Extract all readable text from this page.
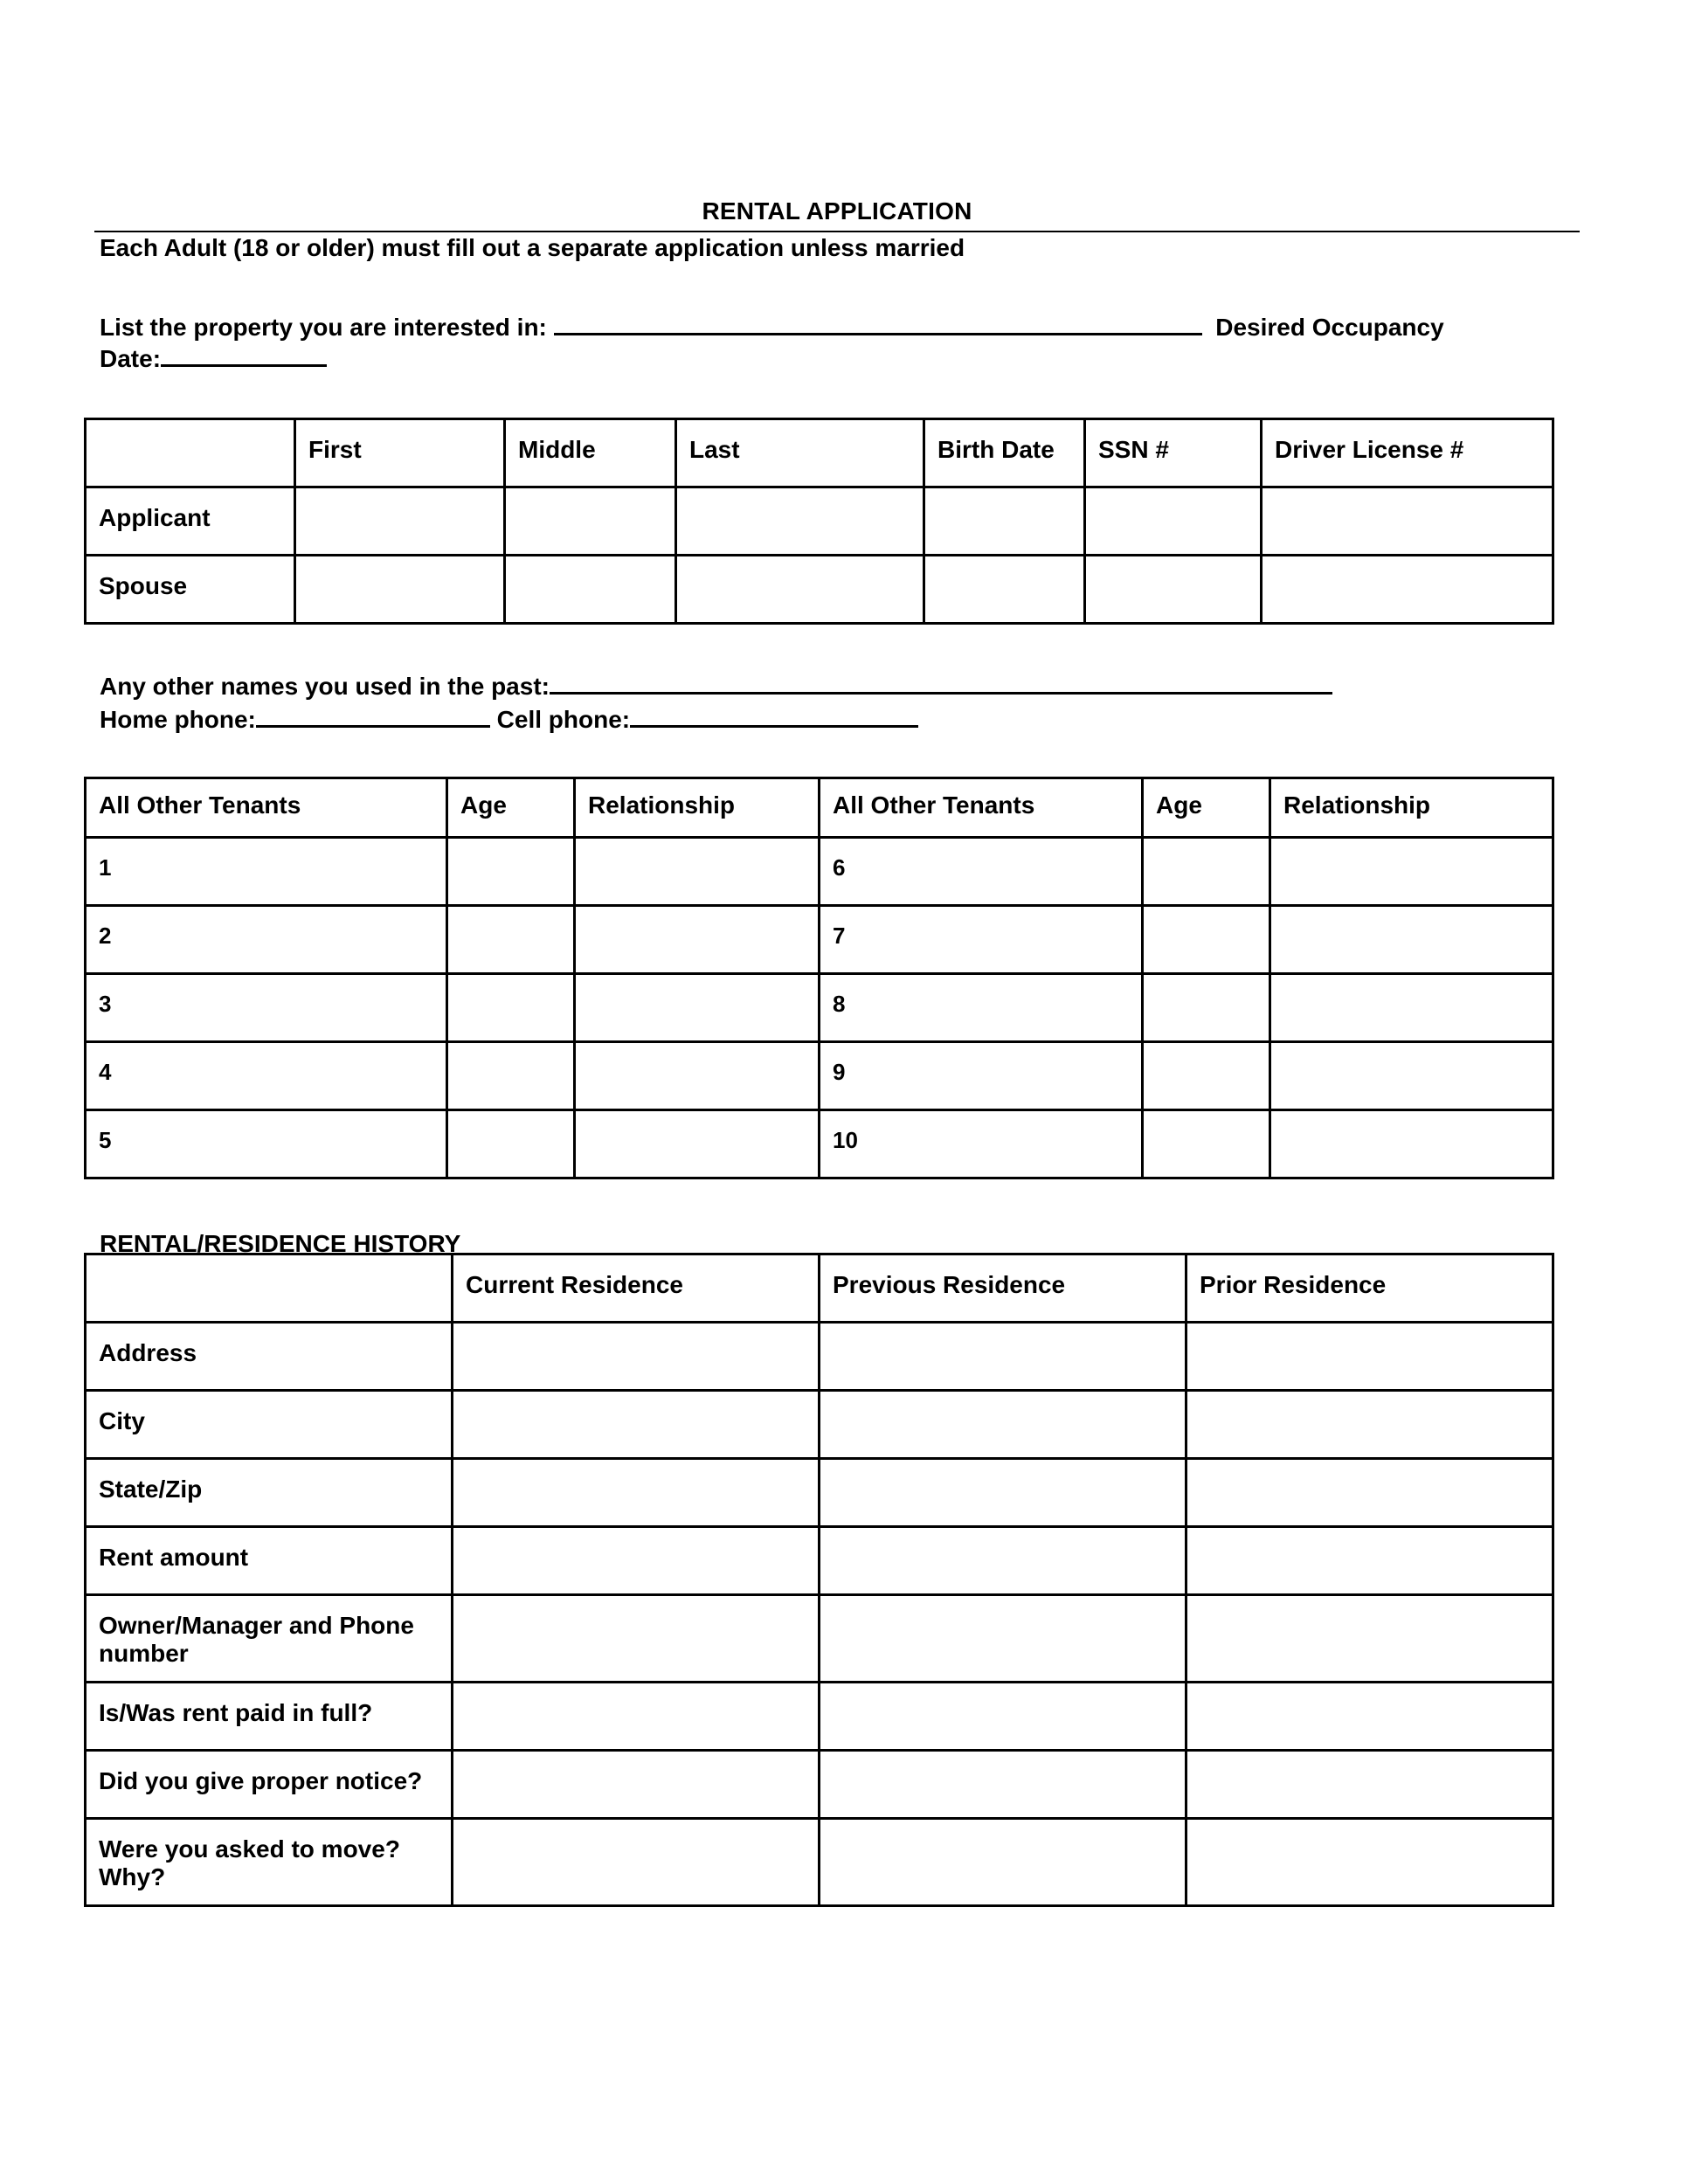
RENTAL APPLICATION
Each Adult (18 or older) must fill out a separate application unless married
List the property you are interested in:	Desired Occupancy
Date:
	First	Middle	Last	Birth Date	SSN #	Driver License #
Applicant						
Spouse						
Any other names you used in the past:
Home phone:	Cell phone:
All Other Tenants	Age	Relationship	All Other Tenants	Age	Relationship
1			6		
2			7		
3			8		
4			9		
5			10		
RENTAL/RESIDENCE HISTORY
	Current Residence	Previous Residence	Prior Residence
Address			
City			
State/Zip			
Rent amount			
Owner/Manager and Phone number			
Is/Was rent paid in full?			
Did you give proper notice?			
Were you asked to move? Why?			
